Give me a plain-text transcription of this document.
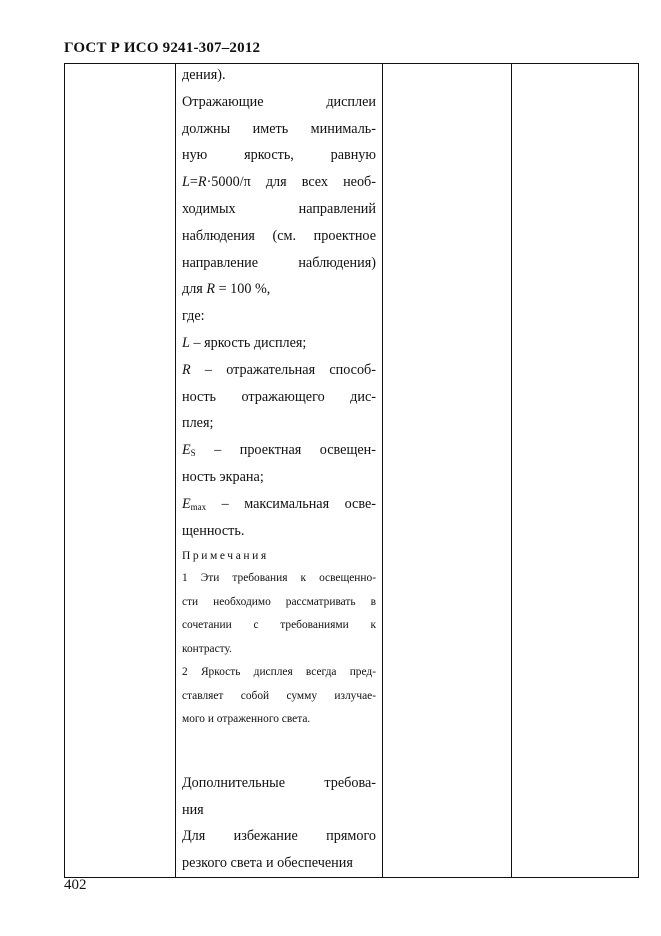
ГОСТ Р ИСО 9241-307–2012

дения).
Отражающие	дисплеи
должны иметь минималь-
ную	яркость,	равную
L=R·5000/π для всех необ-
ходимых	направлений
наблюдения (см. проектное
направление	наблюдения)
для R = 100 %,
где:
L – яркость дисплея;
R – отражательная способ-
ность отражающего дис-
плея;
$E_S$ – проектная освещен-
ность экрана;
$E_{max}$ – максимальная осве-
щенность.
Примечания
1 Эти требования к освещенно-
сти необходимо рассматривать в
сочетании с требованиями к
контрасту.
2 Яркость дисплея всегда пред-
ставляет собой сумму излучае-
мого и отраженного света.
Дополнительные	требова-
ния
Для избежание прямого
резкого света и обеспечения

402
